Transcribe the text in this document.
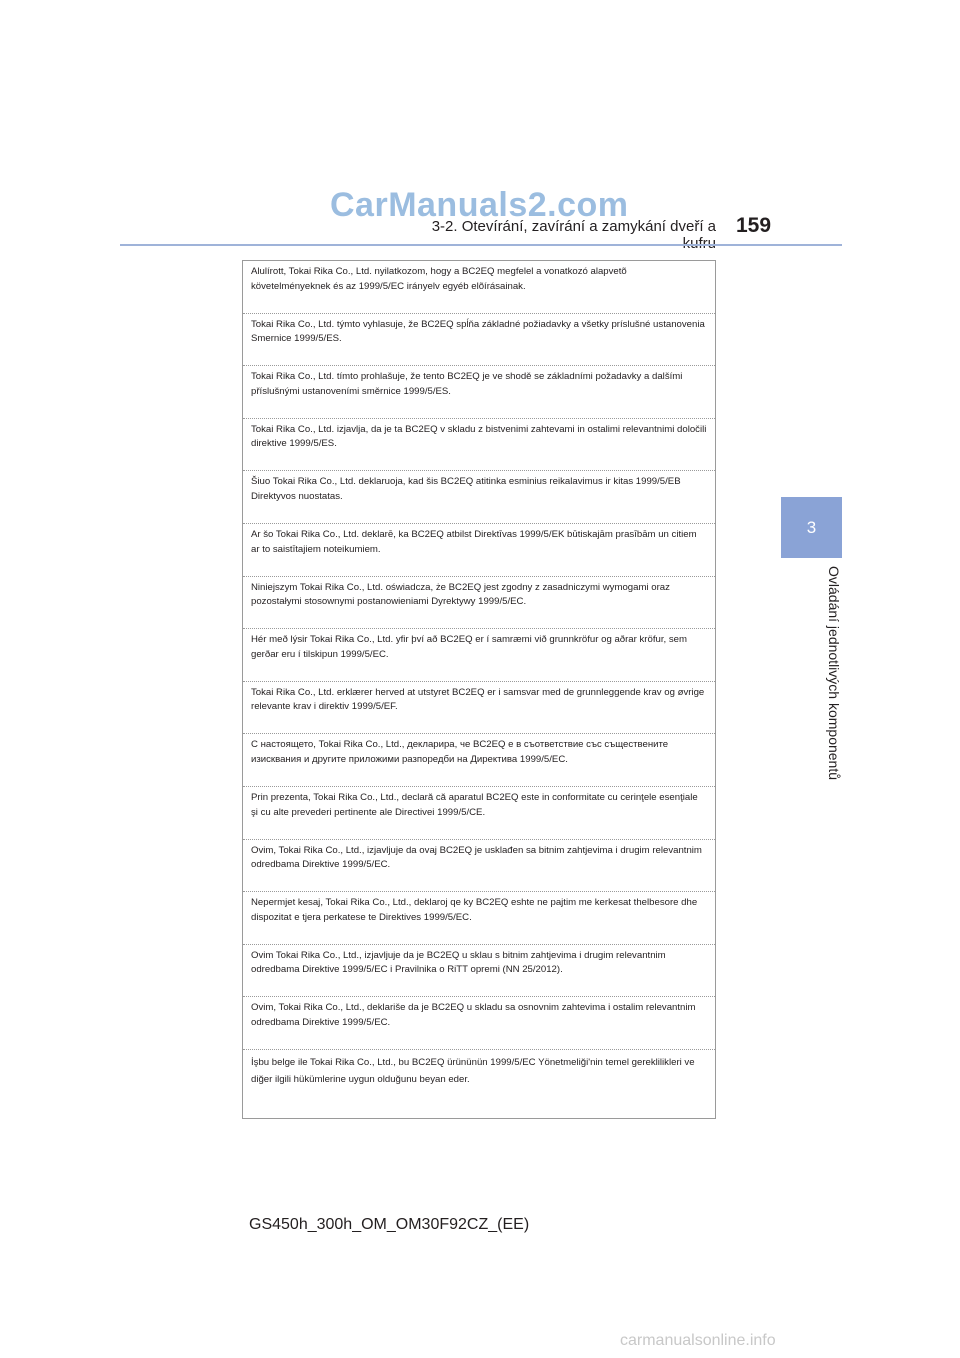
CarManuals2.com
3-2. Otevírání, zavírání a zamykání dveří a 159
3
Ovládání jednotlivých komponentů
Alulírott, Tokai Rika Co., Ltd. nyilatkozom, hogy a BC2EQ megfelel a vonatkozó alapvetõ követelményeknek és az 1999/5/EC irányelv egyéb elõírásainak.
Tokai Rika Co., Ltd. týmto vyhlasuje, že BC2EQ spĺňa základné požiadavky a všetky príslušné ustanovenia Smernice 1999/5/ES.
Tokai Rika Co., Ltd. tímto prohlašuje, že tento BC2EQ je ve shodě se základními požadavky a dalšími příslušnými ustanoveními směrnice 1999/5/ES.
Tokai Rika Co., Ltd. izjavlja, da je ta BC2EQ v skladu z bistvenimi zahtevami in ostalimi relevantnimi določili direktive 1999/5/ES.
Šiuo Tokai Rika Co., Ltd. deklaruoja, kad šis BC2EQ atitinka esminius reikalavimus ir kitas 1999/5/EB Direktyvos nuostatas.
Ar šo Tokai Rika Co., Ltd. deklarē, ka BC2EQ atbilst Direktīvas 1999/5/EK būtiskajām prasībām un citiem ar to saistītajiem noteikumiem.
Niniejszym Tokai Rika Co., Ltd. oświadcza, że BC2EQ jest zgodny z zasadniczymi wymogami oraz pozostałymi stosownymi postanowieniami Dyrektywy 1999/5/EC.
Hér með lýsir Tokai Rika Co., Ltd. yfir því að BC2EQ er í samræmi við grunnkröfur og aðrar kröfur, sem gerðar eru í tilskipun 1999/5/EC.
Tokai Rika Co., Ltd. erklærer herved at utstyret BC2EQ er i samsvar med de grunnleggende krav og øvrige relevante krav i direktiv 1999/5/EF.
С настоящето, Tokai Rika Co., Ltd., декларира, че BC2EQ е в съответствие със съществените изисквания и другите приложими разпоредби на Директива 1999/5/ЕС.
Prin prezenta, Tokai Rika Co., Ltd., declară că aparatul BC2EQ este in conformitate cu cerinţele esenţiale şi cu alte prevederi pertinente ale Directivei 1999/5/CE.
Ovim, Tokai Rika Co., Ltd., izjavljuje da ovaj BC2EQ je usklađen sa bitnim zahtjevima i drugim relevantnim odredbama Direktive 1999/5/EC.
Nepermjet kesaj, Tokai Rika Co., Ltd., deklaroj qe ky BC2EQ eshte ne pajtim me kerkesat thelbesore dhe dispozitat e tjera perkatese te Direktives 1999/5/EC.
Ovim Tokai Rika Co., Ltd., izjavljuje da je BC2EQ u sklau s bitnim zahtjevima i drugim relevantnim odredbama Direktive 1999/5/EC i Pravilnika o RiTT opremi (NN 25/2012).
Ovim, Tokai Rika Co., Ltd., deklariše da je BC2EQ u skladu sa osnovnim zahtevima i ostalim relevantnim odredbama Direktive 1999/5/EC.
İşbu belge ile Tokai Rika Co., Ltd., bu BC2EQ ürününün 1999/5/EC Yönetmeliği'nin temel gereklilikleri ve diğer ilgili hükümlerine uygun olduğunu beyan eder.
GS450h_300h_OM_OM30F92CZ_(EE)
carmanualsonline.info
